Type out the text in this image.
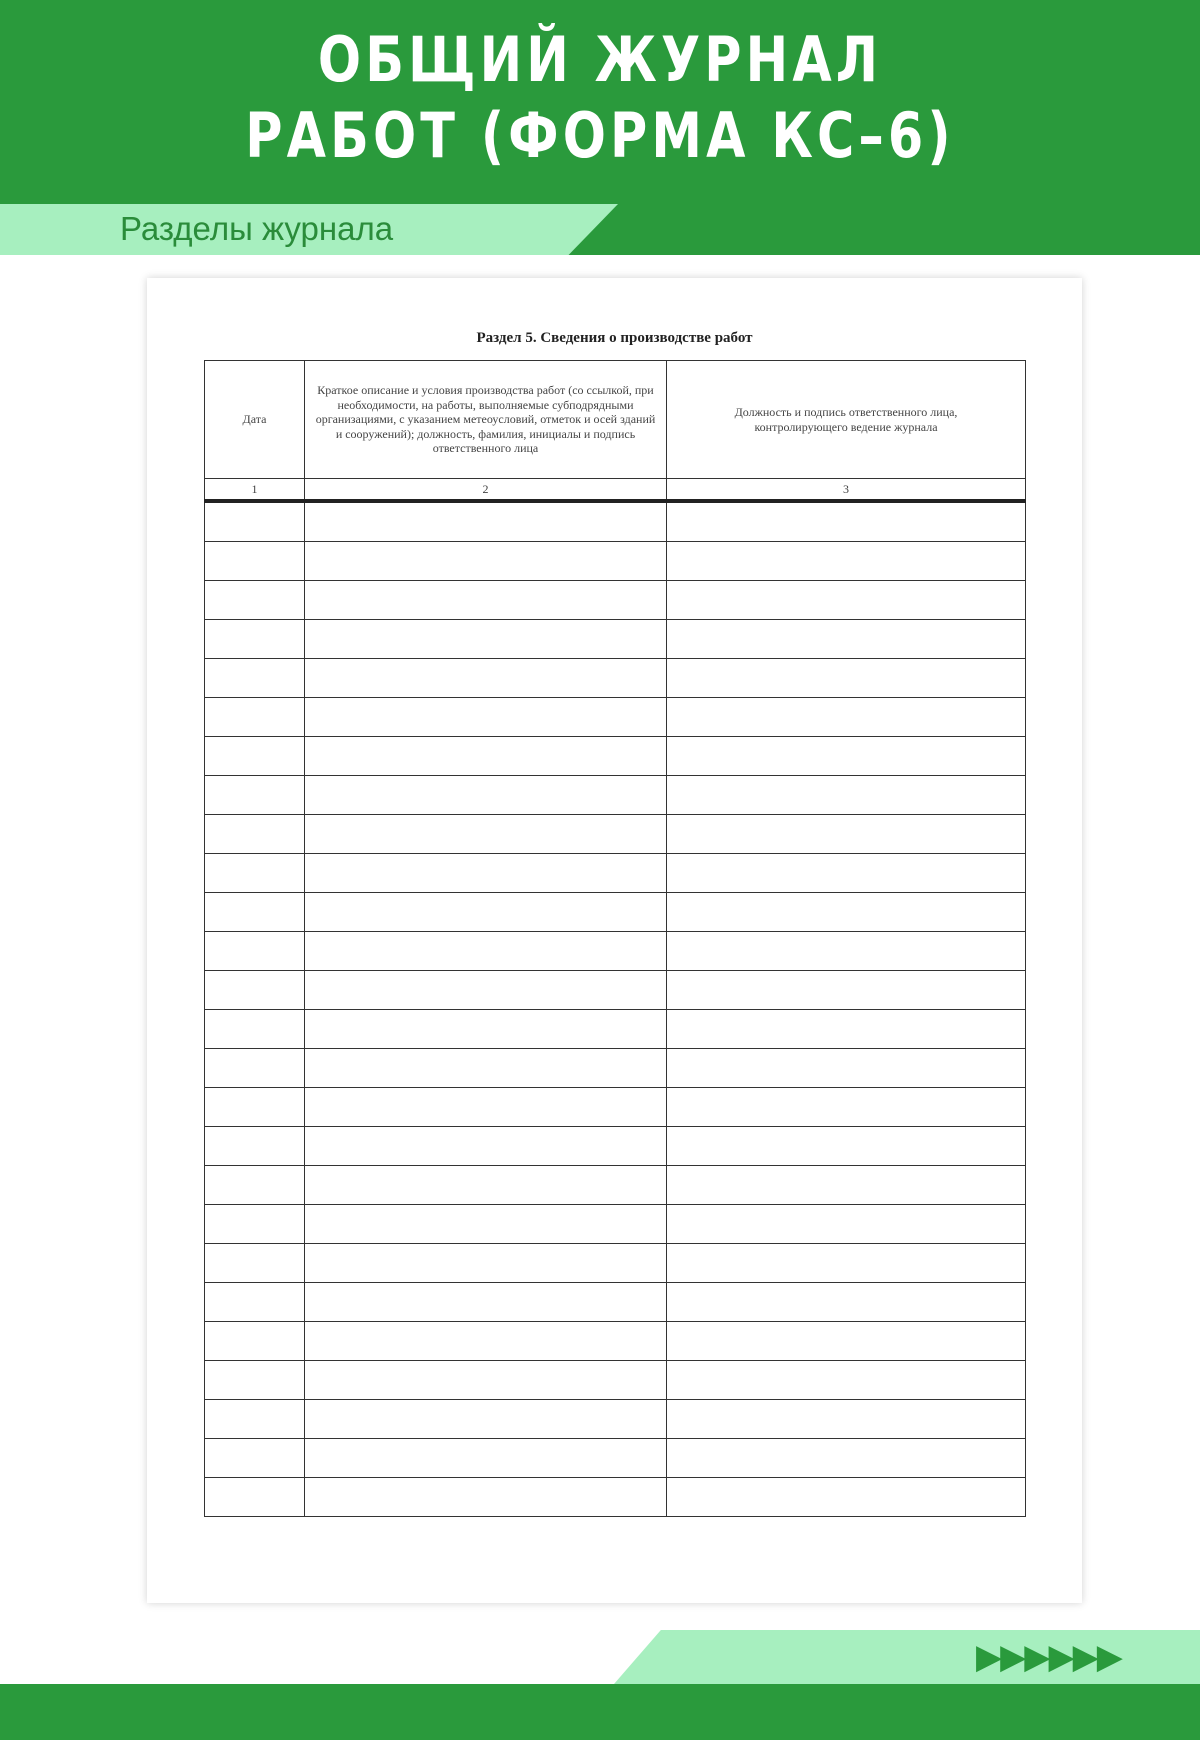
ОБЩИЙ ЖУРНАЛ
РАБОТ (ФОРМА КС–6)
Разделы журнала
Раздел 5. Сведения о производстве работ
Дата	Краткое описание и условия производства работ (со ссылкой, при необходимости, на работы, выполняемые субподрядными организациями, с указанием метеоусловий, отметок и осей зданий и сооружений); должность, фамилия, инициалы и подпись ответственного лица	Должность и подпись ответственного лица, контролирующего ведение журнала
1	2	3

▶▶▶▶▶▶
